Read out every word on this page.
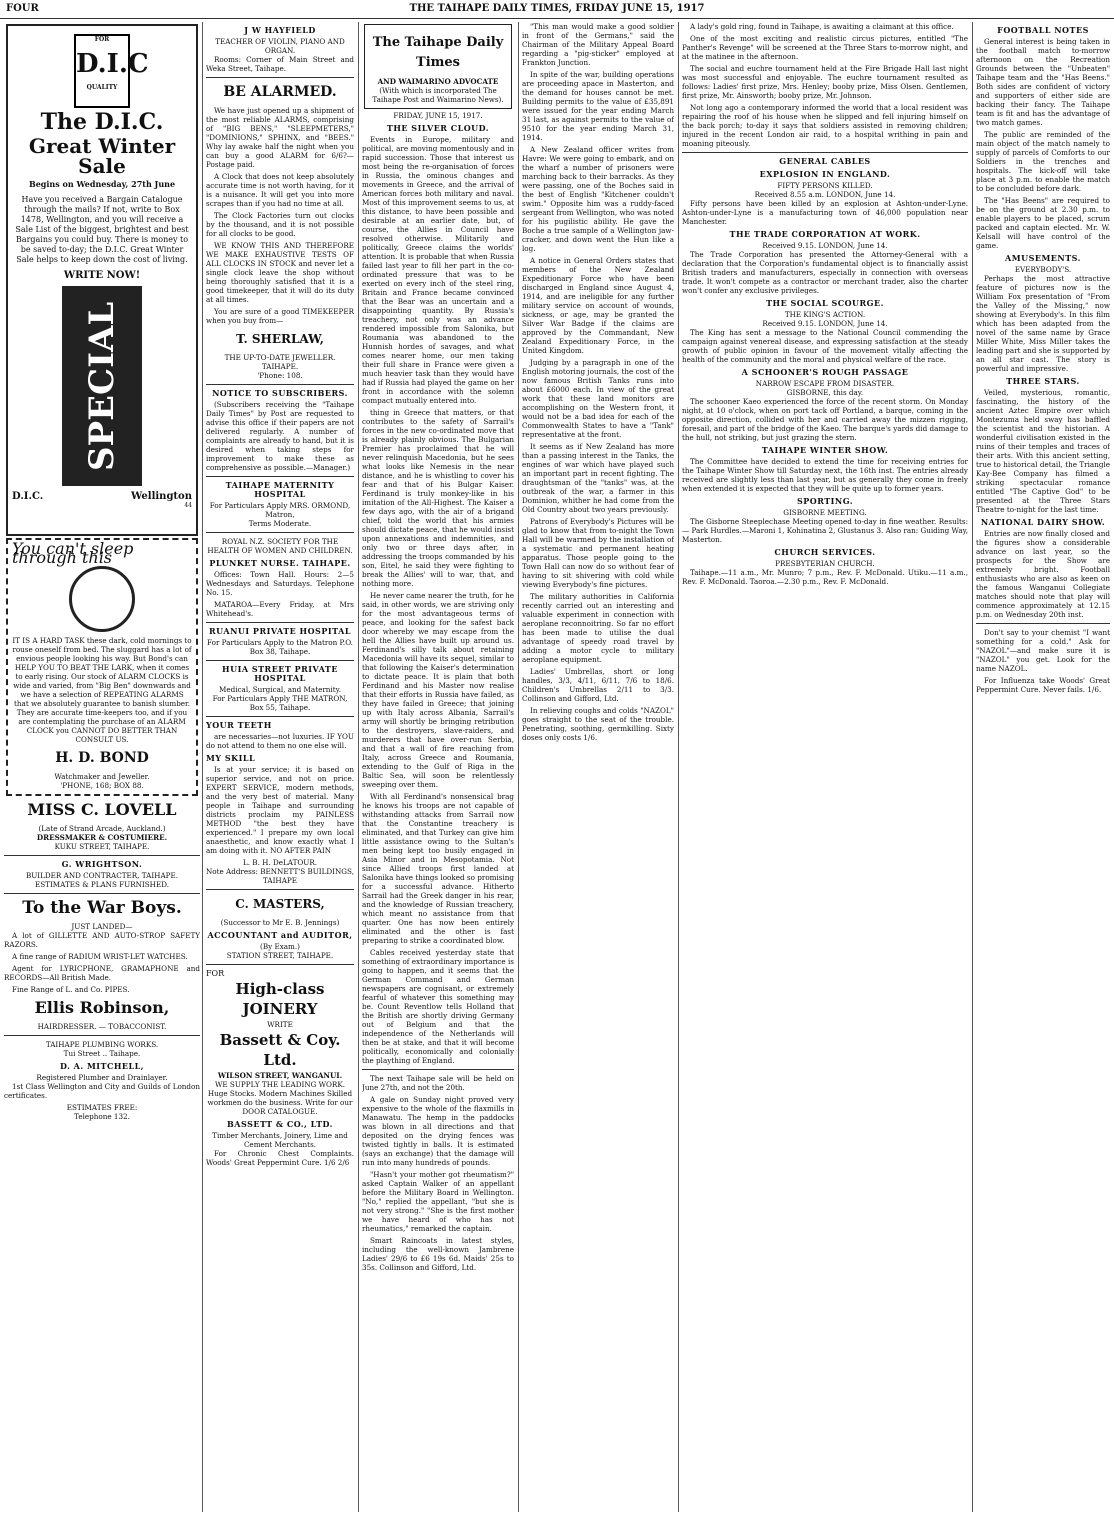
FOUR	THE TAIHAPE DAILY TIMES, FRIDAY JUNE 15, 1917
FOR
D.I.C
QUALITY
The D.I.C.
Great Winter Sale
Begins on Wednesday, 27th June

Have you received a Bargain Catalogue through the mails? If not, write to Box 1478, Wellington, and you will receive a Sale List of the biggest, brightest and best Bargains you could buy. There is money to be saved to-day; the D.I.C. Great Winter Sale helps to keep down the cost of living.

WRITE NOW!
SPECIAL
D.I.C.	Wellington
44
You can't sleep through this

IT IS A HARD TASK these dark, cold mornings to rouse oneself from bed. The sluggard has a lot of envious people looking his way. But Bond's can HELP YOU TO BEAT THE LARK, when it comes to early rising. Our stock of ALARM CLOCKS is wide and varied, from "Big Ben" downwards and we have a selection of REPEATING ALARMS that we absolutely guarantee to banish slumber. They are accurate time-keepers too, and if you are contemplating the purchase of an ALARM CLOCK you CANNOT DO BETTER THAN CONSULT US.

H. D. BOND
Watchmaker and Jeweller.
'PHONE, 168; BOX 88.
MISS C. LOVELL
(Late of Strand Arcade, Auckland.)
DRESSMAKER & COSTUMIERE.
KUKU STREET, TAIHAPE.
G. WRIGHTSON.
BUILDER AND CONTRACTER, TAIHAPE.
ESTIMATES & PLANS FURNISHED.
To the War Boys.
JUST LANDED—

A lot of GILLETTE AND AUTO-STROP SAFETY RAZORS.

A fine range of RADIUM WRIST-LET WATCHES.

Agent for LYRICPHONE, GRAMAPHONE and RECORDS—All British Made.

Fine Range of L. and Co. PIPES.

Ellis Robinson,
HAIRDRESSER. — TOBACCONIST.
TAIHAPE PLUMBING WORKS.
Tui Street .. Taihape.
D. A. MITCHELL,
Registered Plumber and Drainlayer.

1st Class Wellington and City and Guilds of London certificates.

ESTIMATES FREE:
Telephone 132.
J W HAYFIELD
TEACHER OF VIOLIN, PIANO AND ORGAN.

Rooms: Corner of Main Street and Weka Street, Taihape.

BE ALARMED.

We have just opened up a shipment of the most reliable ALARMS, comprising of "BIG BENS," "SLEEPMETERS," "DOMINIONS," SPHINX, and "BEES." Why lay awake half the night when you can buy a good ALARM for 6/6?—Postage paid.

A Clock that does not keep absolutely accurate time is not worth having, for it is a nuisance. It will get you into more scrapes than if you had no time at all.

The Clock Factories turn out clocks by the thousand, and it is not possible for all clocks to be good.

WE KNOW THIS AND THEREFORE WE MAKE EXHAUSTIVE TESTS OF ALL CLOCKS IN STOCK and never let a single clock leave the shop without being thoroughly satisfied that it is a good timekeeper, that it will do its duty at all times.

You are sure of a good TIMEKEEPER when you buy from—

T. SHERLAW,
THE UP-TO-DATE JEWELLER. TAIHAPE.
'Phone: 108.
NOTICE TO SUBSCRIBERS.

(Subscribers receiving the "Taihape Daily Times" by Post are requested to advise this office if their papers are not delivered regularly. A number of complaints are already to hand, but it is desired when taking steps for improvement to make these as comprehensive as possible.—Manager.)

TAIHAPE MATERNITY HOSPITAL
For Particulars Apply MRS. ORMOND, Matron,
Terms Moderate.
ROYAL N.Z. SOCIETY FOR THE HEALTH OF WOMEN AND CHILDREN.
PLUNKET NURSE. TAIHAPE.

Offices: Town Hall. Hours: 2—5 Wednesdays and Saturdays. Telephone No. 15.

MATAROA—Every Friday, at Mrs Whitehead's.

RUANUI PRIVATE HOSPITAL
For Particulars Apply to the Matron P.O. Box 38, Taihape.
HUIA STREET PRIVATE HOSPITAL
Medical, Surgical, and Maternity.
For Particulars Apply THE MATRON, Box 55, Taihape.
YOUR TEETH

are necessaries—not luxuries. IF YOU do not attend to them no one else will.

MY SKILL

Is at your service; it is based on superior service, and not on price. EXPERT SERVICE, modern methods, and the very best of material. Many people in Taihape and surrounding districts proclaim my PAINLESS METHOD "the best they have experienced." I prepare my own local anaesthetic, and know exactly what I am doing with it. NO AFTER PAIN

L. B. H. DeLATOUR.
Note Address: BENNETT'S BUILDINGS, TAIHAPE
C. MASTERS,
(Successor to Mr E. B. Jennings)
ACCOUNTANT and AUDITOR,
(By Exam.)
STATION STREET, TAIHAPE.
FOR
High-class JOINERY
WRITE
Bassett & Coy. Ltd.
WILSON STREET, WANGANUI.
WE SUPPLY THE LEADING WORK.
Huge Stocks. Modern Machines Skilled workmen do the business. Write for our DOOR CATALOGUE.
BASSETT & CO., LTD.
Timber Merchants, Joinery, Lime and Cement Merchants.

For Chronic Chest Complaints. Woods' Great Peppermint Cure. 1/6 2/6

The Taihape Daily Times
AND WAIMARINO ADVOCATE
(With which is incorporated The Taihape Post and Waimarino News).
FRIDAY, JUNE 15, 1917.
THE SILVER CLOUD.

Events in Europe, military and political, are moving momentously and in rapid succession. Those that interest us most being the re-organisation of forces in Russia, the ominous changes and movements in Greece, and the arrival of American forces both military and naval. Most of this improvement seems to us, at this distance, to have been possible and desirable at an earlier date, but, of course, the Allies in Council have resolved otherwise. Militarily and politically, Greece claims the worlds' attention. It is probable that when Russia failed last year to fill her part in the co-ordinated pressure that was to be exerted on every inch of the steel ring, Britain and France became convinced that the Bear was an uncertain and a disappointing quantity. By Russia's treachery, not only was an advance rendered impossible from Salonika, but Roumania was abandoned to the Hunnish hordes of savages, and what comes nearer home, our men taking their full share in France were given a much heavier task than they would have had if Russia had played the game on her front in accordance with the solemn compact mutually entered into.

thing in Greece that matters, or that contributes to the safety of Sarrail's forces in the new co-ordinated move that is already plainly obvious. The Bulgarian Premier has proclaimed that he will never relinquish Macedonia, but he sees what looks like Nemesis in the near distance, and he is whistling to cover his fear and that of his Bulgar Kaiser. Ferdinand is truly monkey-like in his imitation of the All-Highest. The Kaiser a few days ago, with the air of a brigand chief, told the world that his armies should dictate peace, that he would insist upon annexations and indemnities, and only two or three days after, in addressing the troops commanded by his son, Eitel, he said they were fighting to break the Allies' will to war, that, and nothing more.

He never came nearer the truth, for he said, in other words, we are striving only for the most advantageous terms of peace, and looking for the safest back door whereby we may escape from the hell the Allies have built up around us. Ferdinand's silly talk about retaining Macedonia will have its sequel, similar to that following the Kaiser's determination to dictate peace. It is plain that both Ferdinand and his Master now realise that their efforts in Russia have failed, as they have failed in Greece; that joining up with Italy across Albania, Sarrail's army will shortly be bringing retribution to the destroyers, slave-raiders, and murderers that have over-run Serbia, and that a wall of fire reaching from Italy, across Greece and Roumania, extending to the Gulf of Riga in the Baltic Sea, will soon be relentlessly sweeping over them.

With all Ferdinand's nonsensical brag he knows his troops are not capable of withstanding attacks from Sarrail now that the Constantine treachery is eliminated, and that Turkey can give him little assistance owing to the Sultan's men being kept too busily engaged in Asia Minor and in Mesopotamia. Not since Allied troops first landed at Salonika have things looked so promising for a successful advance. Hitherto Sarrail had the Greek danger in his rear, and the knowledge of Russian treachery, which meant no assistance from that quarter. One has now been entirely eliminated and the other is fast preparing to strike a coordinated blow.

Cables received yesterday state that something of extraordinary importance is going to happen, and it seems that the German Command and German newspapers are cognisant, or extremely fearful of whatever this something may be. Count Reventlow tells Holland that the British are shortly driving Germany out of Belgium and that the independence of the Netherlands will then be at stake, and that it will become politically, economically and colonially the plaything of England.

The next Taihape sale will be held on June 27th, and not the 20th.

A gale on Sunday night proved very expensive to the whole of the flaxmills in Manawatu. The hemp in the paddocks was blown in all directions and that deposited on the drying fences was twisted tightly in balls. It is estimated (says an exchange) that the damage will run into many hundreds of pounds.

"Hasn't your mother got rheumatism?" asked Captain Walker of an appellant before the Military Board in Wellington. "No," replied the appellant, "but she is not very strong." "She is the first mother we have heard of who has not rheumatics," remarked the captain.

Smart Raincoats in latest styles, including the well-known Jambrene Ladies' 29/6 to £6 19s 6d. Maids' 25s to 35s. Collinson and Gifford, Ltd.

"This man would make a good soldier in front of the Germans," said the Chairman of the Military Appeal Board regarding a "pig-sticker" employed at Frankton Junction.

In spite of the war, building operations are proceeding apace in Masterton, and the demand for houses cannot be met. Building permits to the value of £35,891 were issued for the year ending March 31 last, as against permits to the value of 9510 for the year ending March 31, 1914.

A New Zealand officer writes from Havre: We were going to embark, and on the wharf a number of prisoners were marching back to their barracks. As they were passing, one of the Boches said in the best of English "Kitchener couldn't swim." Opposite him was a ruddy-faced sergeant from Wellington, who was noted for his pugilistic ability. He gave the Boche a true sample of a Wellington jaw-cracker, and down went the Hun like a log.

A notice in General Orders states that members of the New Zealand Expeditionary Force who have been discharged in England since August 4, 1914, and are ineligible for any further military service on account of wounds, sickness, or age, may be granted the Silver War Badge if the claims are approved by the Commandant, New Zealand Expeditionary Force, in the United Kingdom.

Judging by a paragraph in one of the English motoring journals, the cost of the now famous British Tanks runs into about £6000 each. In view of the great work that these land monitors are accomplishing on the Western front, it would not be a bad idea for each of the Commonwealth States to have a "Tank" representative at the front.

It seems as if New Zealand has more than a passing interest in the Tanks, the engines of war which have played such an important part in recent fighting. The draughtsman of the "tanks" was, at the outbreak of the war, a farmer in this Dominion, whither he had come from the Old Country about two years previously.

Patrons of Everybody's Pictures will be glad to know that from to-night the Town Hall will be warmed by the installation of a systematic and permanent heating apparatus. Those people going to the Town Hall can now do so without fear of having to sit shivering with cold while viewing Everybody's fine pictures.

The military authorities in California recently carried out an interesting and valuable experiment in connection with aeroplane reconnoitring. So far no effort has been made to utilise the dual advantage of speedy road travel by adding a motor cycle to military aeroplane equipment.

Ladies' Umbrellas, short or long handles, 3/3, 4/11, 6/11, 7/6 to 18/6. Children's Umbrellas 2/11 to 3/3. Collinson and Gifford, Ltd.

In relieving coughs and colds "NAZOL" goes straight to the seat of the trouble. Penetrating, soothing, germkilling. Sixty doses only costs 1/6.

A lady's gold ring, found in Taihape, is awaiting a claimant at this office.

One of the most exciting and realistic circus pictures, entitled "The Panther's Revenge" will be screened at the Three Stars to-morrow night, and at the matinee in the afternoon.

The social and euchre tournament held at the Fire Brigade Hall last night was most successful and enjoyable. The euchre tournament resulted as follows: Ladies' first prize, Mrs. Henley; booby prize, Miss Olsen. Gentlemen, first prize, Mr. Ainsworth; booby prize, Mr. Johnson.

Not long ago a contemporary informed the world that a local resident was repairing the roof of his house when he slipped and fell injuring himself on the back porch; to-day it says that soldiers assisted in removing children; injured in the recent London air raid, to a hospital writhing in pain and moaning piteously.

GENERAL CABLES
EXPLOSION IN ENGLAND.
FIFTY PERSONS KILLED.
Received 8.55 a.m. LONDON, June 14.

Fifty persons have been killed by an explosion at Ashton-under-Lyne. Ashton-under-Lyne is a manufacturing town of 46,000 population near Manchester.

THE TRADE CORPORATION AT WORK.
Received 9.15. LONDON, June 14.

The Trade Corporation has presented the Attorney-General with a declaration that the Corporation's fundamental object is to financially assist British traders and manufacturers, especially in connection with overseas trade. It won't compete as a contractor or merchant trader, also the charter won't confer any exclusive privileges.

THE SOCIAL SCOURGE.
THE KING'S ACTION.
Received 9.15. LONDON, June 14.

The King has sent a message to the National Council commending the campaign against venereal disease, and expressing satisfaction at the steady growth of public opinion in favour of the movement vitally affecting the health of the community and the moral and physical welfare of the race.

A SCHOONER'S ROUGH PASSAGE
NARROW ESCAPE FROM DISASTER.
GISBORNE, this day.

The schooner Kaeo experienced the force of the recent storm. On Monday night, at 10 o'clock, when on port tack off Portland, a barque, coming in the opposite direction, collided with her and carried away the mizzen rigging, foresail, and part of the bridge of the Kaeo. The barque's yards did damage to the hull, not striking, but just grazing the stern.

TAIHAPE WINTER SHOW.

The Committee have decided to extend the time for receiving entries for the Taihape Winter Show till Saturday next, the 16th inst. The entries already received are slightly less than last year, but as generally they come in freely when extended it is expected that they will be quite up to former years.

SPORTING.
GISBORNE MEETING.

The Gisborne Steeplechase Meeting opened to-day in fine weather. Results:— Park Hurdles.—Maroni 1, Kohinatina 2, Glustanus 3. Also ran: Guiding Way, Masterton.

CHURCH SERVICES.
PRESBYTERIAN CHURCH.

Taihape.—11 a.m., Mr. Munro; 7 p.m., Rev. F. McDonald. Utiku.—11 a.m., Rev. F. McDonald. Taoroa.—2.30 p.m., Rev. F. McDonald.

FOOTBALL NOTES

General interest is being taken in the football match to-morrow afternoon on the Recreation Grounds between the "Unbeaten" Taihape team and the "Has Beens." Both sides are confident of victory and supporters of either side are backing their fancy. The Taihape team is fit and has the advantage of two match games.

The public are reminded of the main object of the match namely to supply of parcels of Comforts to our Soldiers in the trenches and hospitals. The kick-off will take place at 3 p.m. to enable the match to be concluded before dark.

The "Has Beens" are required to be on the ground at 2.30 p.m. to enable players to be placed, scrum packed and captain elected. Mr. W. Kelsall will have control of the game.

AMUSEMENTS.
EVERYBODY'S.

Perhaps the most attractive feature of pictures now is the William Fox presentation of "From the Valley of the Missing," now showing at Everybody's. In this film which has been adapted from the novel of the same name by Grace Miller White, Miss Miller takes the leading part and she is supported by an all star cast. The story is powerful and impressive.

THREE STARS.

Veiled, mysterious, romantic, fascinating, the history of the ancient Aztec Empire over which Montezuma held sway has baffled the scientist and the historian. A wonderful civilisation existed in the ruins of their temples and traces of their arts. With this ancient setting, true to historical detail, the Triangle Kay-Bee Company has filmed a striking spectacular romance entitled "The Captive God" to be presented at the Three Stars Theatre to-night for the last time.

NATIONAL DAIRY SHOW.

Entries are now finally closed and the figures show a considerable advance on last year, so the prospects for the Show are extremely bright. Football enthusiasts who are also as keen on the famous Wanganui Collegiate matches should note that play will commence approximately at 12.15 p.m. on Wednesday 20th inst.

Don't say to your chemist "I want something for a cold." Ask for "NAZOL"—and make sure it is "NAZOL" you get. Look for the name NAZOL.

For Influenza take Woods' Great Peppermint Cure. Never fails. 1/6.
